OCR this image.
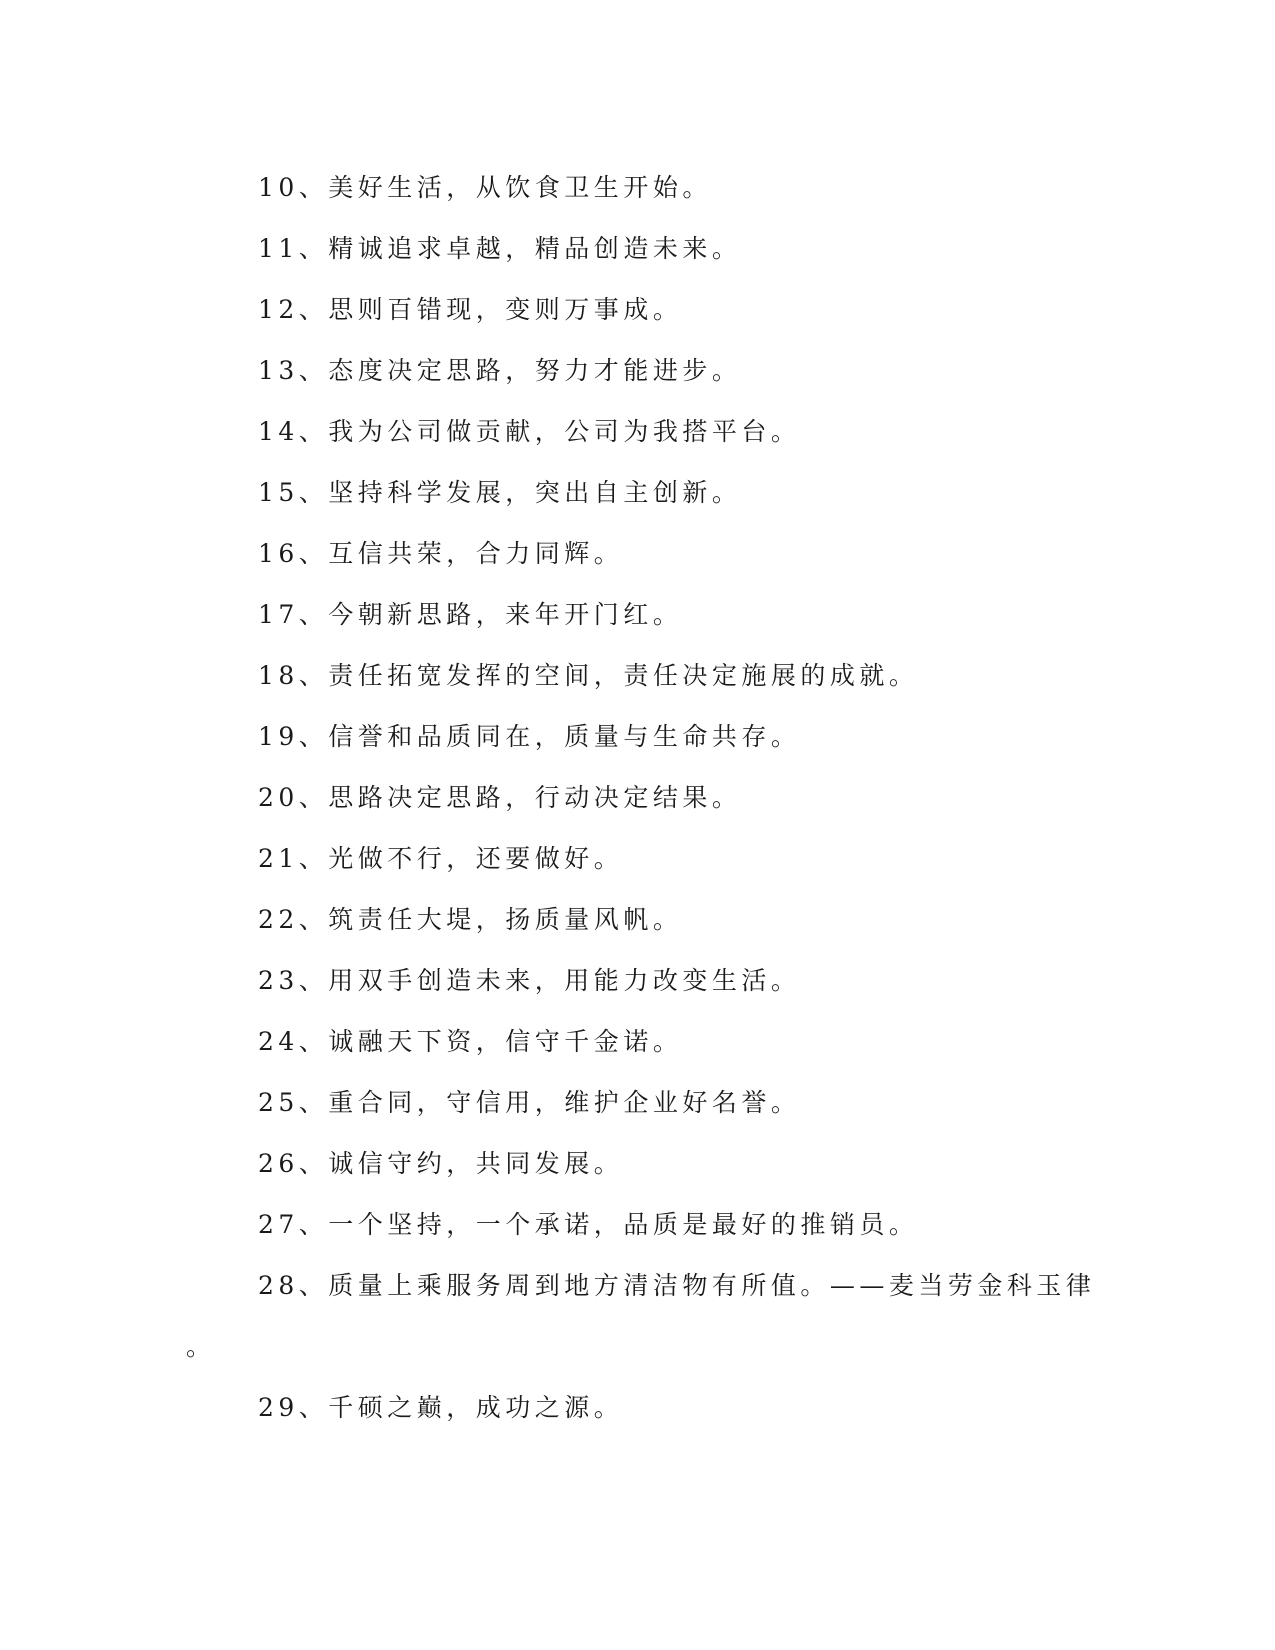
10、美好生活，从饮食卫生开始。
11、精诚追求卓越，精品创造未来。
12、思则百错现，变则万事成。
13、态度决定思路，努力才能进步。
14、我为公司做贡献，公司为我搭平台。
15、坚持科学发展，突出自主创新。
16、互信共荣，合力同辉。
17、今朝新思路，来年开门红。
18、责任拓宽发挥的空间，责任决定施展的成就。
19、信誉和品质同在，质量与生命共存。
20、思路决定思路，行动决定结果。
21、光做不行，还要做好。
22、筑责任大堤，扬质量风帆。
23、用双手创造未来，用能力改变生活。
24、诚融天下资，信守千金诺。
25、重合同，守信用，维护企业好名誉。
26、诚信守约，共同发展。
27、一个坚持，一个承诺，品质是最好的推销员。
28、质量上乘服务周到地方清洁物有所值。——麦当劳金科玉律
。
29、千硕之巅，成功之源。
